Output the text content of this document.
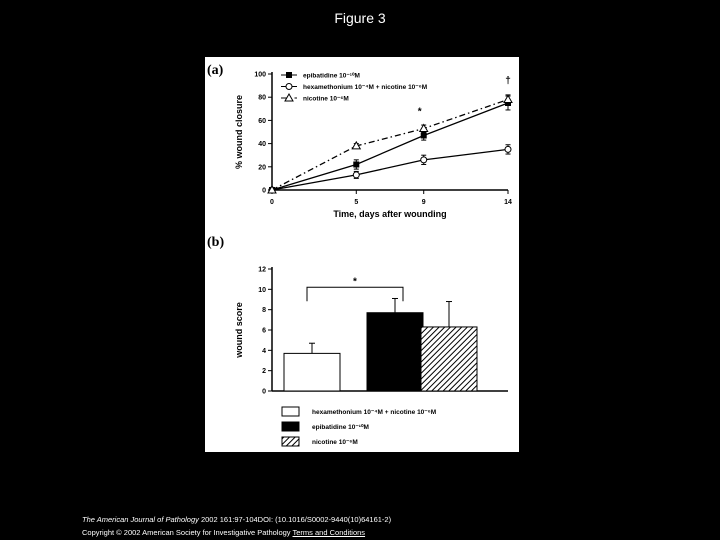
Figure 3
(a)
0
20
40
60
80
100
0	5	9	14
Time, days after wounding
% wound closure
epibatidine 10⁻¹⁰M
hexamethonium 10⁻⁴M + nicotine 10⁻⁶M
nicotine 10⁻⁶M
*
†
(b)
0
2
4
6
8
10
12
wound score
*
hexamethonium 10⁻⁴M + nicotine 10⁻⁶M
epibatidine 10⁻¹⁰M
nicotine 10⁻⁶M
The American Journal of Pathology 2002 161:97-104DOI: (10.1016/S0002-9440(10)64161-2)
Copyright © 2002 American Society for Investigative Pathology Terms and Conditions
